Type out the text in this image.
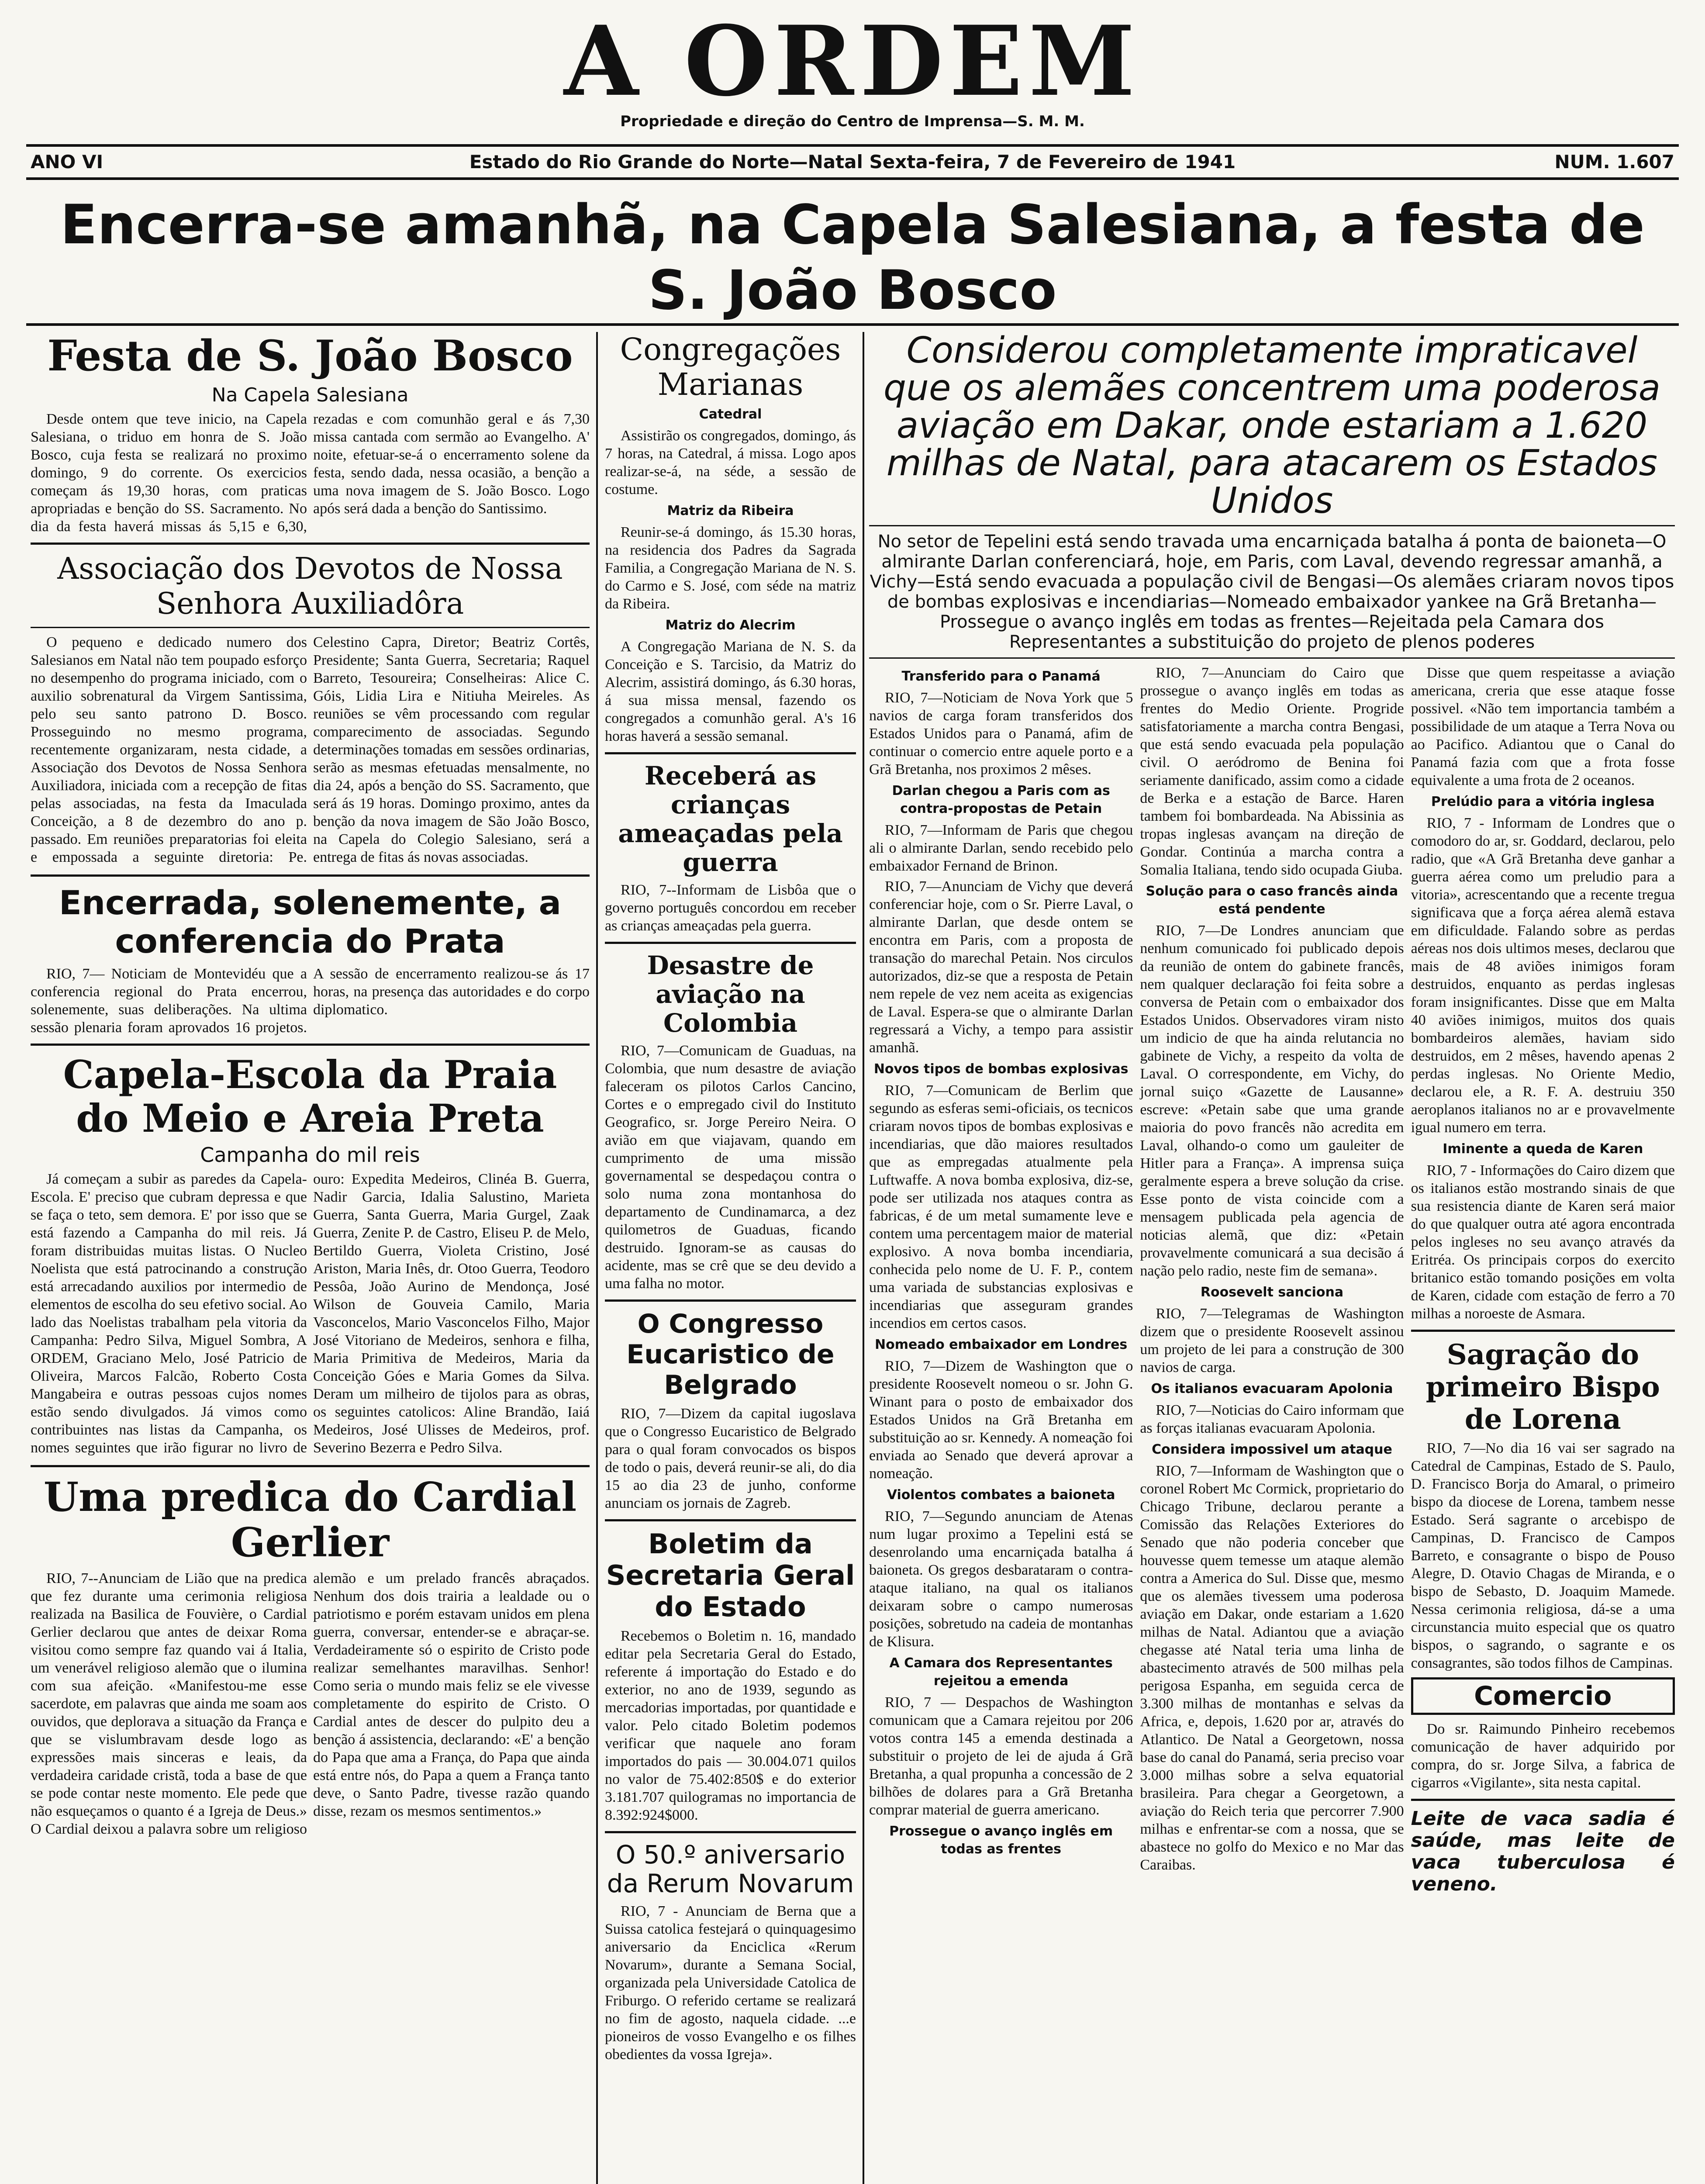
A ORDEM
Propriedade e direção do Centro de Imprensa—S. M. M.
ANO VI	Estado do Rio Grande do Norte—Natal Sexta-feira, 7 de Fevereiro de 1941	NUM. 1.607
Encerra-se amanhã, na Capela Salesiana, a festa de S. João Bosco
Festa de S. João Bosco
Na Capela Salesiana

Desde ontem que teve inicio, na Capela Salesiana, o triduo em honra de S. João Bosco, cuja festa se realizará no proximo domingo, 9 do corrente. Os exercicios começam ás 19,30 horas, com praticas apropriadas e benção do SS. Sacramento. No dia da festa haverá missas ás 5,15 e 6,30, rezadas e com comunhão geral e ás 7,30 missa cantada com sermão ao Evangelho. A' noite, efetuar-se-á o encerramento solene da festa, sendo dada, nessa ocasião, a benção a uma nova imagem de S. João Bosco. Logo após será dada a benção do Santissimo.

Associação dos Devotos de Nossa Senhora Auxiliadôra

O pequeno e dedicado numero dos Salesianos em Natal não tem poupado esforço no desempenho do programa iniciado, com o auxilio sobrenatural da Virgem Santissima, pelo seu santo patrono D. Bosco. Prosseguindo no mesmo programa, recentemente organizaram, nesta cidade, a Associação dos Devotos de Nossa Senhora Auxiliadora, iniciada com a recepção de fitas pelas associadas, na festa da Imaculada Conceição, a 8 de dezembro do ano p. passado. Em reuniões preparatorias foi eleita e empossada a seguinte diretoria: Pe. Celestino Capra, Diretor; Beatriz Cortês, Presidente; Santa Guerra, Secretaria; Raquel Barreto, Tesoureira; Conselheiras: Alice C. Góis, Lidia Lira e Nitiuha Meireles. As reuniões se vêm processando com regular comparecimento de associadas. Segundo determinações tomadas em sessões ordinarias, serão as mesmas efetuadas mensalmente, no dia 24, após a benção do SS. Sacramento, que será ás 19 horas. Domingo proximo, antes da benção da nova imagem de São João Bosco, na Capela do Colegio Salesiano, será a entrega de fitas ás novas associadas.

Encerrada, solenemente, a conferencia do Prata

RIO, 7— Noticiam de Montevidéu que a conferencia regional do Prata encerrou, solenemente, suas deliberações. Na ultima sessão plenaria foram aprovados 16 projetos. A sessão de encerramento realizou-se ás 17 horas, na presença das autoridades e do corpo diplomatico.

Capela-Escola da Praia do Meio e Areia Preta
Campanha do mil reis

Já começam a subir as paredes da Capela-Escola. E' preciso que cubram depressa e que se faça o teto, sem demora. E' por isso que se está fazendo a Campanha do mil reis. Já foram distribuidas muitas listas. O Nucleo Noelista que está patrocinando a construção está arrecadando auxilios por intermedio de elementos de escolha do seu efetivo social. Ao lado das Noelistas trabalham pela vitoria da Campanha: Pedro Silva, Miguel Sombra, A ORDEM, Graciano Melo, José Patricio de Oliveira, Marcos Falcão, Roberto Costa Mangabeira e outras pessoas cujos nomes estão sendo divulgados. Já vimos como contribuintes nas listas da Campanha, os nomes seguintes que irão figurar no livro de ouro: Expedita Medeiros, Clinéa B. Guerra, Nadir Garcia, Idalia Salustino, Marieta Guerra, Santa Guerra, Maria Gurgel, Zaak Guerra, Zenite P. de Castro, Eliseu P. de Melo, Bertildo Guerra, Violeta Cristino, José Ariston, Maria Inês, dr. Otoo Guerra, Teodoro Pessôa, João Aurino de Mendonça, José Wilson de Gouveia Camilo, Maria Vasconcelos, Mario Vasconcelos Filho, Major José Vitoriano de Medeiros, senhora e filha, Maria Primitiva de Medeiros, Maria da Conceição Góes e Maria Gomes da Silva. Deram um milheiro de tijolos para as obras, os seguintes catolicos: Aline Brandão, Iaiá Medeiros, José Ulisses de Medeiros, prof. Severino Bezerra e Pedro Silva.

Uma predica do Cardial Gerlier

RIO, 7--Anunciam de Lião que na predica que fez durante uma cerimonia religiosa realizada na Basilica de Fouvière, o Cardial Gerlier declarou que antes de deixar Roma visitou como sempre faz quando vai á Italia, um venerável religioso alemão que o ilumina com sua afeição. «Manifestou-me esse sacerdote, em palavras que ainda me soam aos ouvidos, que deplorava a situação da França e que se vislumbravam desde logo as expressões mais sinceras e leais, da verdadeira caridade cristã, toda a base de que se pode contar neste momento. Ele pede que não esqueçamos o quanto é a Igreja de Deus.» O Cardial deixou a palavra sobre um religioso alemão e um prelado francês abraçados. Nenhum dos dois trairia a lealdade ou o patriotismo e porém estavam unidos em plena guerra, conversar, entender-se e abraçar-se. Verdadeiramente só o espirito de Cristo pode realizar semelhantes maravilhas. Senhor! Como seria o mundo mais feliz se ele vivesse completamente do espirito de Cristo. O Cardial antes de descer do pulpito deu a benção á assistencia, declarando: «E' a benção do Papa que ama a França, do Papa que ainda está entre nós, do Papa a quem a França tanto deve, o Santo Padre, tivesse razão quando disse, rezam os mesmos sentimentos.»

Congregações Marianas
Catedral

Assistirão os congregados, domingo, ás 7 horas, na Catedral, á missa. Logo apos realizar-se-á, na séde, a sessão de costume.

Matriz da Ribeira

Reunir-se-á domingo, ás 15.30 horas, na residencia dos Padres da Sagrada Familia, a Congregação Mariana de N. S. do Carmo e S. José, com séde na matriz da Ribeira.

Matriz do Alecrim

A Congregação Mariana de N. S. da Conceição e S. Tarcisio, da Matriz do Alecrim, assistirá domingo, ás 6.30 horas, á sua missa mensal, fazendo os congregados a comunhão geral. A's 16 horas haverá a sessão semanal.

Receberá as crianças ameaçadas pela guerra

RIO, 7--Informam de Lisbôa que o governo português concordou em receber as crianças ameaçadas pela guerra.

Desastre de aviação na Colombia

RIO, 7—Comunicam de Guaduas, na Colombia, que num desastre de aviação faleceram os pilotos Carlos Cancino, Cortes e o empregado civil do Instituto Geografico, sr. Jorge Pereiro Neira. O avião em que viajavam, quando em cumprimento de uma missão governamental se despedaçou contra o solo numa zona montanhosa do departamento de Cundinamarca, a dez quilometros de Guaduas, ficando destruido. Ignoram-se as causas do acidente, mas se crê que se deu devido a uma falha no motor.

O Congresso Eucaristico de Belgrado

RIO, 7—Dizem da capital iugoslava que o Congresso Eucaristico de Belgrado para o qual foram convocados os bispos de todo o pais, deverá reunir-se ali, do dia 15 ao dia 23 de junho, conforme anunciam os jornais de Zagreb.

Boletim da Secretaria Geral do Estado

Recebemos o Boletim n. 16, mandado editar pela Secretaria Geral do Estado, referente á importação do Estado e do exterior, no ano de 1939, segundo as mercadorias importadas, por quantidade e valor. Pelo citado Boletim podemos verificar que naquele ano foram importados do pais — 30.004.071 quilos no valor de 75.402:850$ e do exterior 3.181.707 quilogramas no importancia de 8.392:924$000.

O 50.º aniversario da Rerum Novarum

RIO, 7 - Anunciam de Berna que a Suissa catolica festejará o quinquagesimo aniversario da Enciclica «Rerum Novarum», durante a Semana Social, organizada pela Universidade Catolica de Friburgo. O referido certame se realizará no fim de agosto, naquela cidade. ...e pioneiros de vosso Evangelho e os filhes obedientes da vossa Igreja».

Considerou completamente impraticavel que os alemães concentrem uma poderosa aviação em Dakar, onde estariam a 1.620 milhas de Natal, para atacarem os Estados Unidos
No setor de Tepelini está sendo travada uma encarniçada batalha á ponta de baioneta—O almirante Darlan conferenciará, hoje, em Paris, com Laval, devendo regressar amanhã, a Vichy—Está sendo evacuada a população civil de Bengasi—Os alemães criaram novos tipos de bombas explosivas e incendiarias—Nomeado embaixador yankee na Grã Bretanha—Prossegue o avanço inglês em todas as frentes—Rejeitada pela Camara dos Representantes a substituição do projeto de plenos poderes
Transferido para o Panamá

RIO, 7—Noticiam de Nova York que 5 navios de carga foram transferidos dos Estados Unidos para o Panamá, afim de continuar o comercio entre aquele porto e a Grã Bretanha, nos proximos 2 mêses.

Darlan chegou a Paris com as contra-propostas de Petain

RIO, 7—Informam de Paris que chegou ali o almirante Darlan, sendo recebido pelo embaixador Fernand de Brinon.

RIO, 7—Anunciam de Vichy que deverá conferenciar hoje, com o Sr. Pierre Laval, o almirante Darlan, que desde ontem se encontra em Paris, com a proposta de transação do marechal Petain. Nos circulos autorizados, diz-se que a resposta de Petain nem repele de vez nem aceita as exigencias de Laval. Espera-se que o almirante Darlan regressará a Vichy, a tempo para assistir amanhã.

Novos tipos de bombas explosivas

RIO, 7—Comunicam de Berlim que segundo as esferas semi-oficiais, os tecnicos criaram novos tipos de bombas explosivas e incendiarias, que dão maiores resultados que as empregadas atualmente pela Luftwaffe. A nova bomba explosiva, diz-se, pode ser utilizada nos ataques contra as fabricas, é de um metal sumamente leve e contem uma percentagem maior de material explosivo. A nova bomba incendiaria, conhecida pelo nome de U. F. P., contem uma variada de substancias explosivas e incendiarias que asseguram grandes incendios em certos casos.

Nomeado embaixador em Londres

RIO, 7—Dizem de Washington que o presidente Roosevelt nomeou o sr. John G. Winant para o posto de embaixador dos Estados Unidos na Grã Bretanha em substituição ao sr. Kennedy. A nomeação foi enviada ao Senado que deverá aprovar a nomeação.

Violentos combates a baioneta

RIO, 7—Segundo anunciam de Atenas num lugar proximo a Tepelini está se desenrolando uma encarniçada batalha á baioneta. Os gregos desbarataram o contra-ataque italiano, na qual os italianos deixaram sobre o campo numerosas posições, sobretudo na cadeia de montanhas de Klisura.

A Camara dos Representantes rejeitou a emenda

RIO, 7 — Despachos de Washington comunicam que a Camara rejeitou por 206 votos contra 145 a emenda destinada a substituir o projeto de lei de ajuda á Grã Bretanha, a qual propunha a concessão de 2 bilhões de dolares para a Grã Bretanha comprar material de guerra americano.

Prossegue o avanço inglês em todas as frentes

RIO, 7—Anunciam do Cairo que prossegue o avanço inglês em todas as frentes do Medio Oriente. Progride satisfatoriamente a marcha contra Bengasi, que está sendo evacuada pela população civil. O aeródromo de Benina foi seriamente danificado, assim como a cidade de Berka e a estação de Barce. Haren tambem foi bombardeada. Na Abissinia as tropas inglesas avançam na direção de Gondar. Continúa a marcha contra a Somalia Italiana, tendo sido ocupada Giuba.

Solução para o caso francês ainda está pendente

RIO, 7—De Londres anunciam que nenhum comunicado foi publicado depois da reunião de ontem do gabinete francês, nem qualquer declaração foi feita sobre a conversa de Petain com o embaixador dos Estados Unidos. Observadores viram nisto um indicio de que ha ainda relutancia no gabinete de Vichy, a respeito da volta de Laval. O correspondente, em Vichy, do jornal suiço «Gazette de Lausanne» escreve: «Petain sabe que uma grande maioria do povo francês não acredita em Laval, olhando-o como um gauleiter de Hitler para a França». A imprensa suiça geralmente espera a breve solução da crise. Esse ponto de vista coincide com a mensagem publicada pela agencia de noticias alemã, que diz: «Petain provavelmente comunicará a sua decisão á nação pelo radio, neste fim de semana».

Roosevelt sanciona

RIO, 7—Telegramas de Washington dizem que o presidente Roosevelt assinou um projeto de lei para a construção de 300 navios de carga.

Os italianos evacuaram Apolonia

RIO, 7—Noticias do Cairo informam que as forças italianas evacuaram Apolonia.

Considera impossivel um ataque

RIO, 7—Informam de Washington que o coronel Robert Mc Cormick, proprietario do Chicago Tribune, declarou perante a Comissão das Relações Exteriores do Senado que não poderia conceber que houvesse quem temesse um ataque alemão contra a America do Sul. Disse que, mesmo que os alemães tivessem uma poderosa aviação em Dakar, onde estariam a 1.620 milhas de Natal. Adiantou que a aviação chegasse até Natal teria uma linha de abastecimento através de 500 milhas pela perigosa Espanha, em seguida cerca de 3.300 milhas de montanhas e selvas da Africa, e, depois, 1.620 por ar, através do Atlantico. De Natal a Georgetown, nossa base do canal do Panamá, seria preciso voar 3.000 milhas sobre a selva equatorial brasileira. Para chegar a Georgetown, a aviação do Reich teria que percorrer 7.900 milhas e enfrentar-se com a nossa, que se abastece no golfo do Mexico e no Mar das Caraibas.

Disse que quem respeitasse a aviação americana, creria que esse ataque fosse possivel. «Não tem importancia também a possibilidade de um ataque a Terra Nova ou ao Pacifico. Adiantou que o Canal do Panamá fazia com que a frota fosse equivalente a uma frota de 2 oceanos.

Prelúdio para a vitória inglesa

RIO, 7 - Informam de Londres que o comodoro do ar, sr. Goddard, declarou, pelo radio, que «A Grã Bretanha deve ganhar a guerra aérea como um preludio para a vitoria», acrescentando que a recente tregua significava que a força aérea alemã estava em dificuldade. Falando sobre as perdas aéreas nos dois ultimos meses, declarou que mais de 48 aviões inimigos foram destruidos, enquanto as perdas inglesas foram insignificantes. Disse que em Malta 40 aviões inimigos, muitos dos quais bombardeiros alemães, haviam sido destruidos, em 2 mêses, havendo apenas 2 perdas inglesas. No Oriente Medio, declarou ele, a R. F. A. destruiu 350 aeroplanos italianos no ar e provavelmente igual numero em terra.

Iminente a queda de Karen

RIO, 7 - Informações do Cairo dizem que os italianos estão mostrando sinais de que sua resistencia diante de Karen será maior do que qualquer outra até agora encontrada pelos ingleses no seu avanço através da Eritréa. Os principais corpos do exercito britanico estão tomando posições em volta de Karen, cidade com estação de ferro a 70 milhas a noroeste de Asmara.

Sagração do primeiro Bispo de Lorena

RIO, 7—No dia 16 vai ser sagrado na Catedral de Campinas, Estado de S. Paulo, D. Francisco Borja do Amaral, o primeiro bispo da diocese de Lorena, tambem nesse Estado. Será sagrante o arcebispo de Campinas, D. Francisco de Campos Barreto, e consagrante o bispo de Pouso Alegre, D. Otavio Chagas de Miranda, e o bispo de Sebasto, D. Joaquim Mamede. Nessa cerimonia religiosa, dá-se a uma circunstancia muito especial que os quatro bispos, o sagrando, o sagrante e os consagrantes, são todos filhos de Campinas.

Comercio

Do sr. Raimundo Pinheiro recebemos comunicação de haver adquirido por compra, do sr. Jorge Silva, a fabrica de cigarros «Vigilante», sita nesta capital.

Leite de vaca sadia é saúde, mas leite de vaca tuberculosa é veneno.
